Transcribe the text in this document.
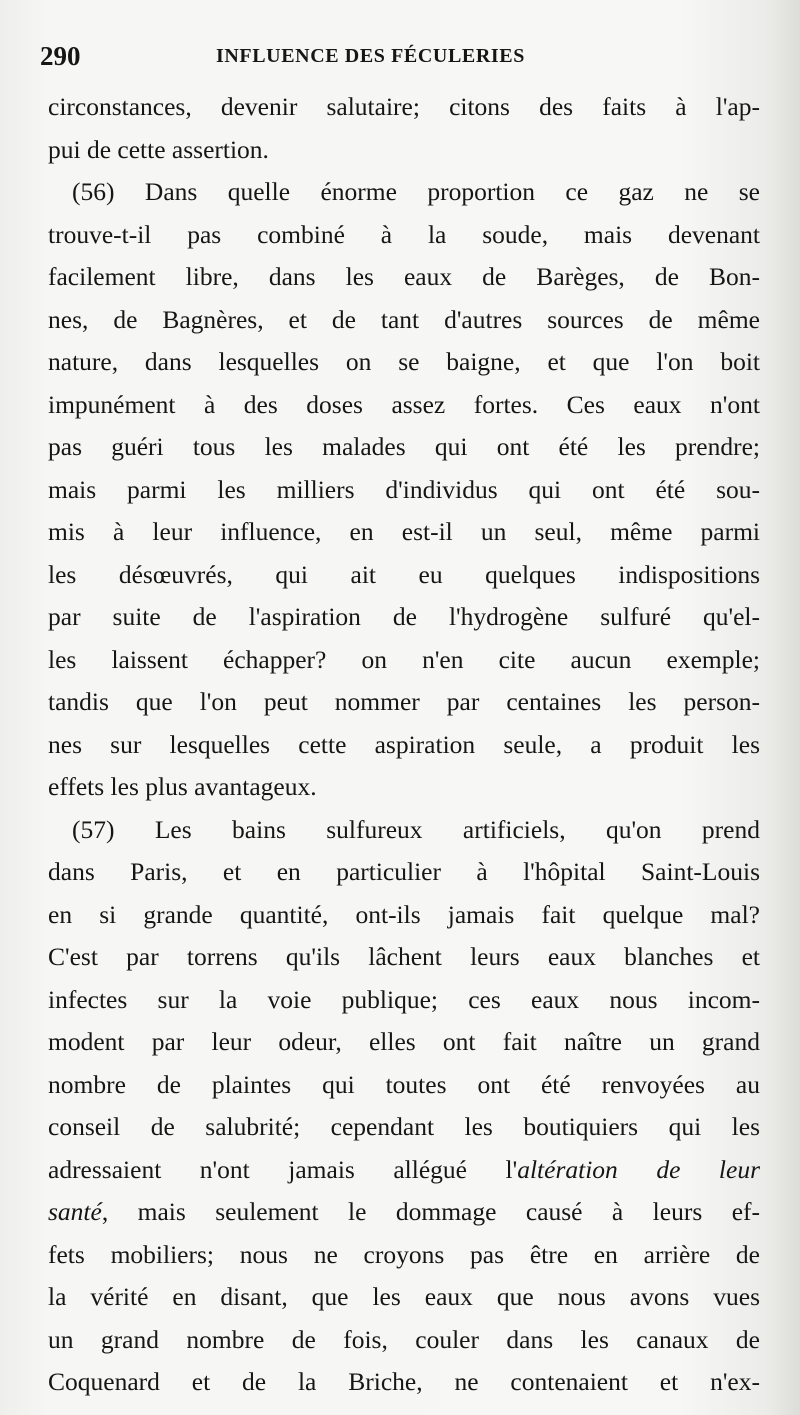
290	INFLUENCE DES FÉCULERIES
circonstances, devenir salutaire; citons des faits à l'ap-
pui de cette assertion.
(56) Dans quelle énorme proportion ce gaz ne se
trouve-t-il pas combiné à la soude, mais devenant
facilement libre, dans les eaux de Barèges, de Bon-
nes, de Bagnères, et de tant d'autres sources de même
nature, dans lesquelles on se baigne, et que l'on boit
impunément à des doses assez fortes. Ces eaux n'ont
pas guéri tous les malades qui ont été les prendre;
mais parmi les milliers d'individus qui ont été sou-
mis à leur influence, en est-il un seul, même parmi
les désœuvrés, qui ait eu quelques indispositions
par suite de l'aspiration de l'hydrogène sulfuré qu'el-
les laissent échapper? on n'en cite aucun exemple;
tandis que l'on peut nommer par centaines les person-
nes sur lesquelles cette aspiration seule, a produit les
effets les plus avantageux.
(57) Les bains sulfureux artificiels, qu'on prend
dans Paris, et en particulier à l'hôpital Saint-Louis
en si grande quantité, ont-ils jamais fait quelque mal?
C'est par torrens qu'ils lâchent leurs eaux blanches et
infectes sur la voie publique; ces eaux nous incom-
modent par leur odeur, elles ont fait naître un grand
nombre de plaintes qui toutes ont été renvoyées au
conseil de salubrité; cependant les boutiquiers qui les
adressaient n'ont jamais allégué l'altération de leur
santé, mais seulement le dommage causé à leurs ef-
fets mobiliers; nous ne croyons pas être en arrière de
la vérité en disant, que les eaux que nous avons vues
un grand nombre de fois, couler dans les canaux de
Coquenard et de la Briche, ne contenaient et n'ex-
